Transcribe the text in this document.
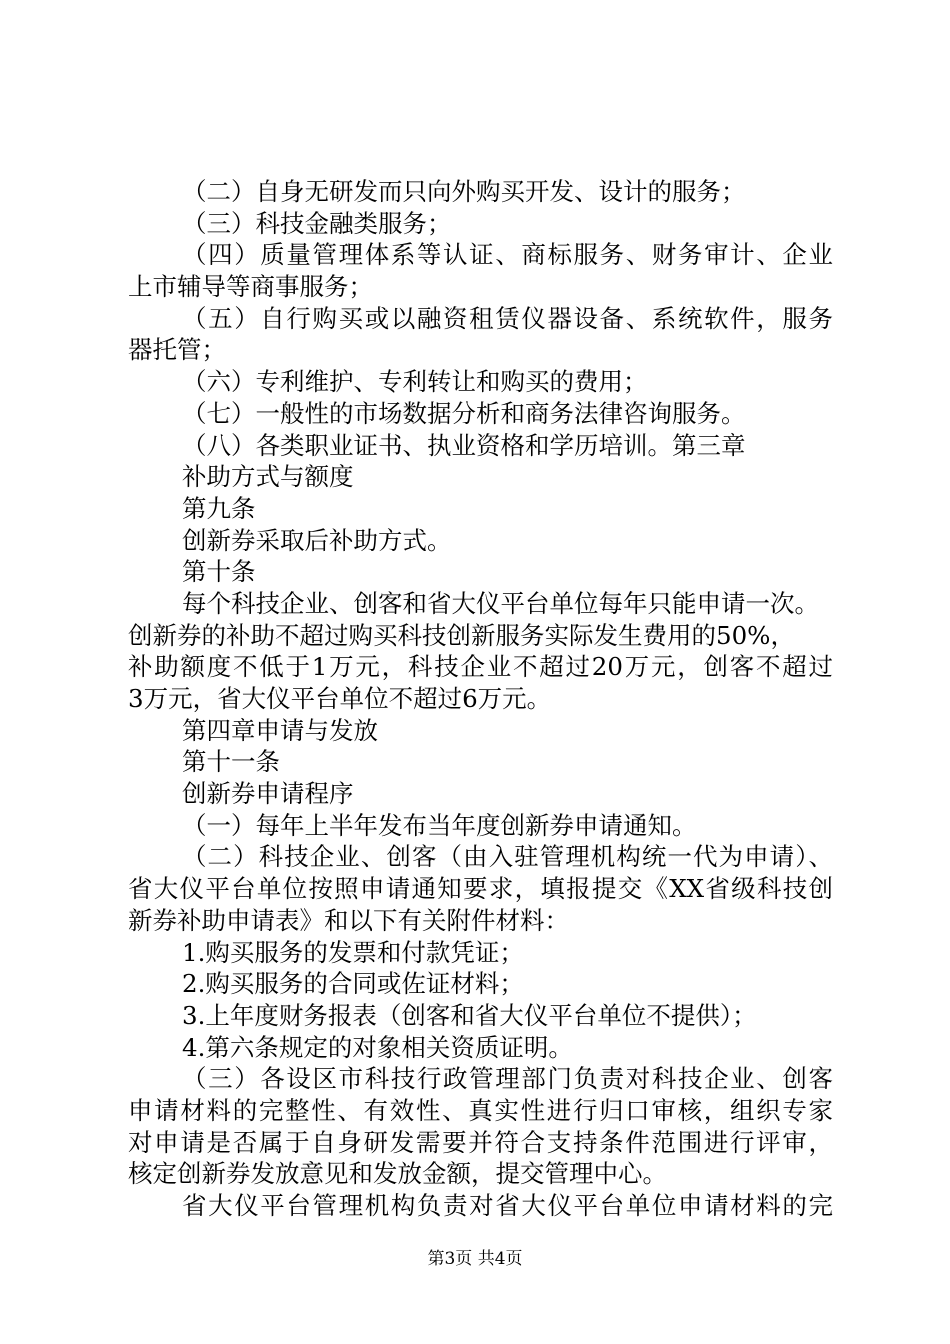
（二）自身无研发而只向外购买开发、设计的服务；
（三）科技金融类服务；
（四）质量管理体系等认证、商标服务、财务审计、企业
上市辅导等商事服务；
（五）自行购买或以融资租赁仪器设备、系统软件，服务
器托管；
（六）专利维护、专利转让和购买的费用；
（七）一般性的市场数据分析和商务法律咨询服务。
（八）各类职业证书、执业资格和学历培训。第三章
补助方式与额度
第九条
创新券采取后补助方式。
第十条
每个科技企业、创客和省大仪平台单位每年只能申请一次。
创新券的补助不超过购买科技创新服务实际发生费用的50%，
补助额度不低于1万元，科技企业不超过20万元，创客不超过
3万元，省大仪平台单位不超过6万元。
第四章申请与发放
第十一条
创新券申请程序
（一）每年上半年发布当年度创新券申请通知。
（二）科技企业、创客（由入驻管理机构统一代为申请）、
省大仪平台单位按照申请通知要求，填报提交《XX省级科技创
新券补助申请表》和以下有关附件材料：
1.购买服务的发票和付款凭证；
2.购买服务的合同或佐证材料；
3.上年度财务报表（创客和省大仪平台单位不提供）；
4.第六条规定的对象相关资质证明。
（三）各设区市科技行政管理部门负责对科技企业、创客
申请材料的完整性、有效性、真实性进行归口审核，组织专家
对申请是否属于自身研发需要并符合支持条件范围进行评审，
核定创新券发放意见和发放金额，提交管理中心。
省大仪平台管理机构负责对省大仪平台单位申请材料的完
第3页 共4页
